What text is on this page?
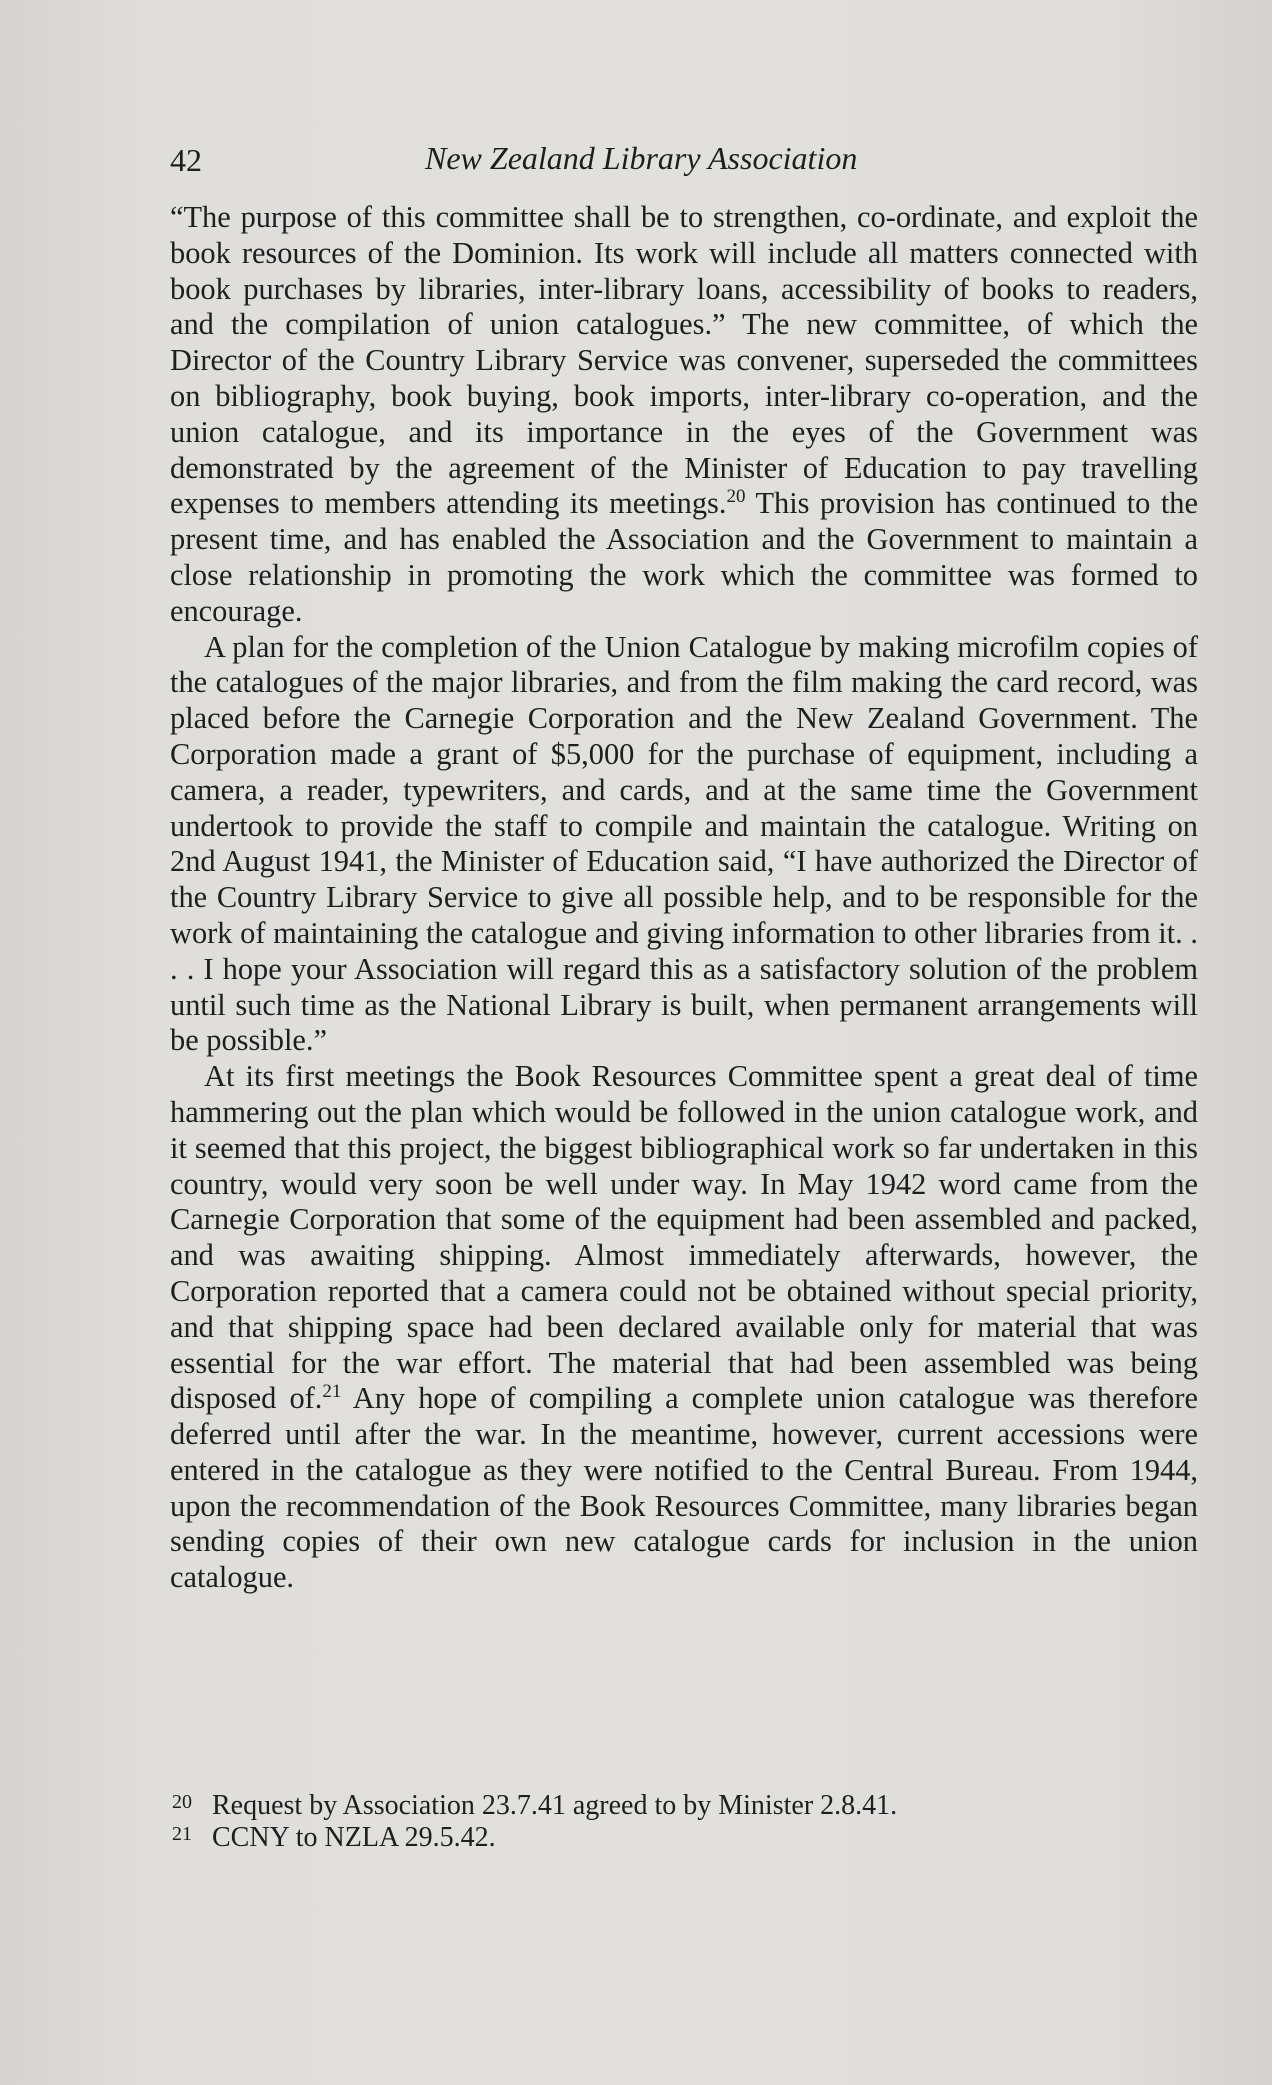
42	New Zealand Library Association

“The purpose of this committee shall be to strengthen, co-ordinate, and exploit the book resources of the Dominion. Its work will include all matters connected with book purchases by libraries, inter-library loans, accessibility of books to readers, and the compilation of union catalogues.” The new committee, of which the Director of the Country Library Service was convener, superseded the committees on bibliography, book buying, book imports, inter-library co-operation, and the union catalogue, and its importance in the eyes of the Government was demonstrated by the agreement of the Minister of Education to pay travelling expenses to members attending its meetings.$^{20}$ This provision has continued to the present time, and has enabled the Association and the Government to maintain a close relationship in promoting the work which the committee was formed to encourage.

A plan for the completion of the Union Catalogue by making microfilm copies of the catalogues of the major libraries, and from the film making the card record, was placed before the Carnegie Corporation and the New Zealand Government. The Corporation made a grant of $5,000 for the purchase of equipment, including a camera, a reader, typewriters, and cards, and at the same time the Government undertook to provide the staff to compile and maintain the catalogue. Writing on 2nd August 1941, the Minister of Education said, “I have authorized the Director of the Country Library Service to give all possible help, and to be responsible for the work of maintaining the catalogue and giving information to other libraries from it. . . . I hope your Association will regard this as a satisfactory solution of the problem until such time as the National Library is built, when permanent arrangements will be possible.”

At its first meetings the Book Resources Committee spent a great deal of time hammering out the plan which would be followed in the union catalogue work, and it seemed that this project, the biggest bibliographical work so far undertaken in this country, would very soon be well under way. In May 1942 word came from the Carnegie Corporation that some of the equipment had been assembled and packed, and was awaiting shipping. Almost immediately afterwards, however, the Corporation reported that a camera could not be obtained without special priority, and that shipping space had been declared available only for material that was essential for the war effort. The material that had been assembled was being disposed of.$^{21}$ Any hope of compiling a complete union catalogue was therefore deferred until after the war. In the meantime, however, current accessions were entered in the catalogue as they were notified to the Central Bureau. From 1944, upon the recommendation of the Book Resources Committee, many libraries began sending copies of their own new catalogue cards for inclusion in the union catalogue.

20 Request by Association 23.7.41 agreed to by Minister 2.8.41.

21 CCNY to NZLA 29.5.42.
